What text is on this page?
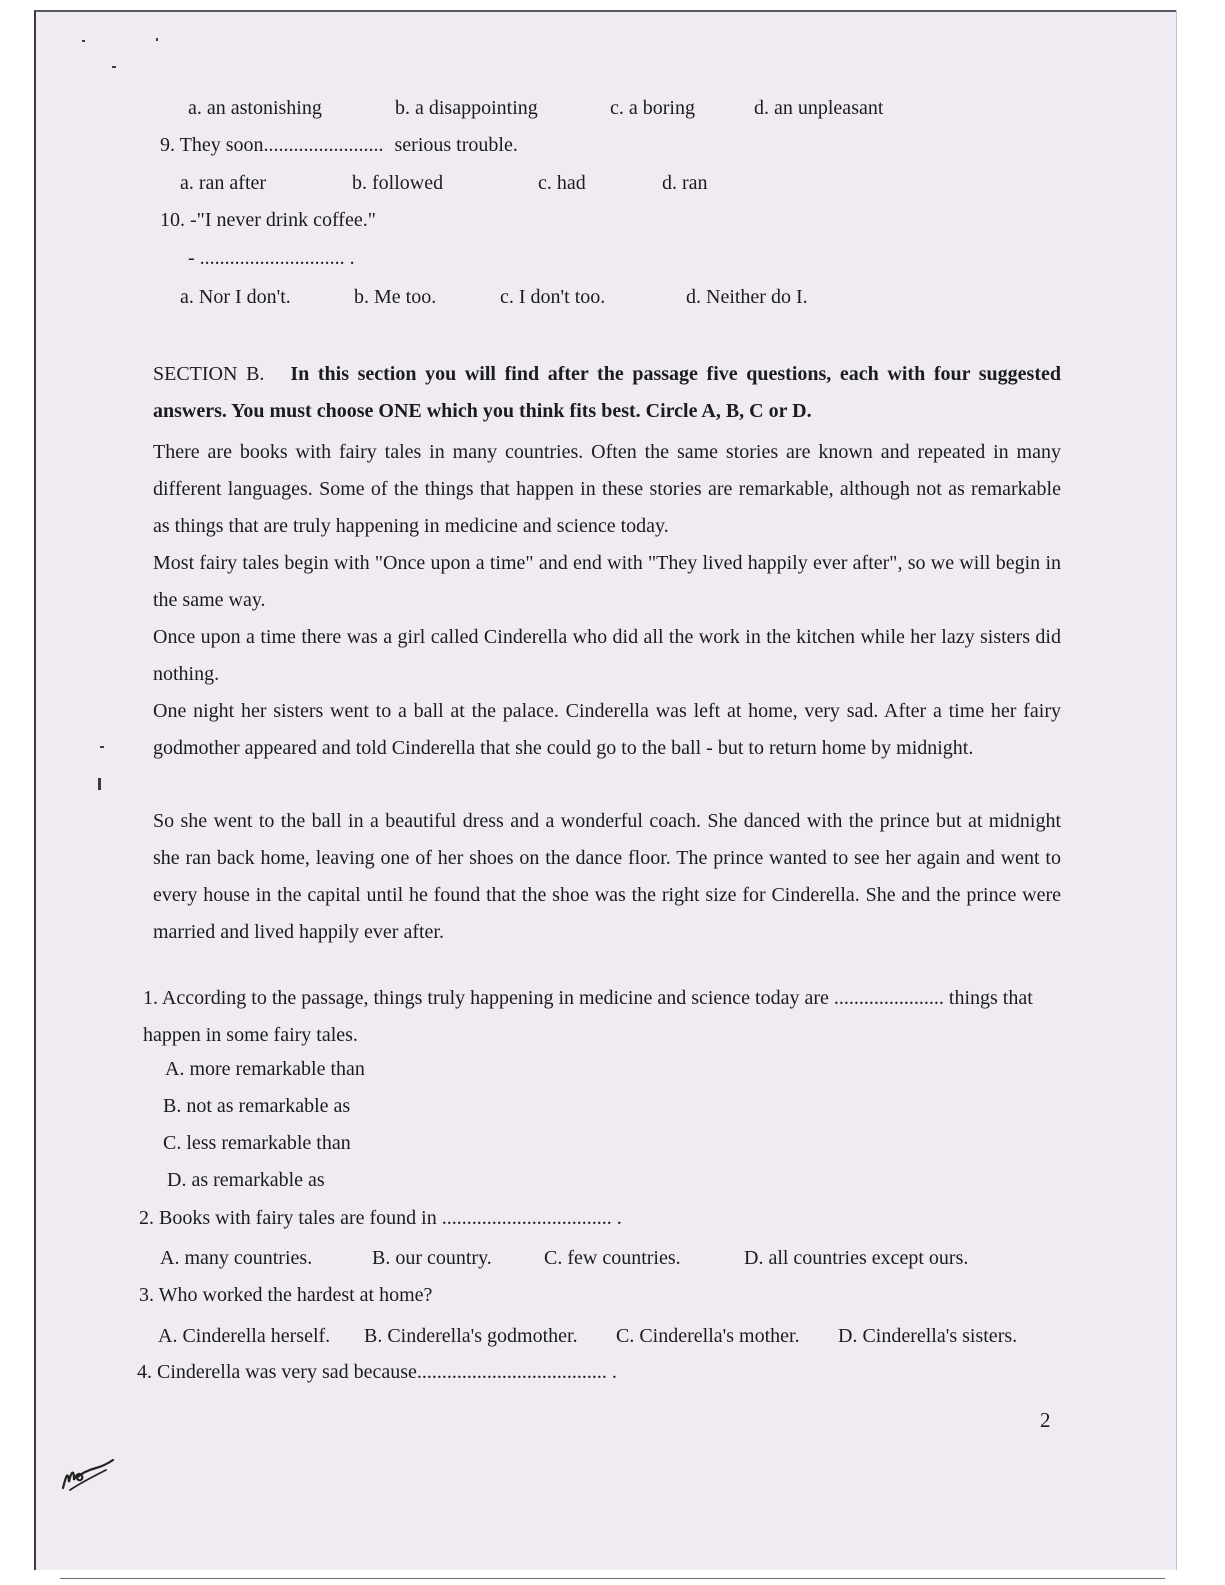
a. an astonishing	b. a disappointing	c. a boring	d. an unpleasant
9. They soon........................ serious trouble.
a. ran after	b. followed	c. had	d. ran
10. -"I never drink coffee."
- ............................. .
a. Nor I don't.	b. Me too.	c. I don't too.	d. Neither do I.
SECTION B. In this section you will find after the passage five questions, each with four suggested answers. You must choose ONE which you think fits best. Circle A, B, C or D.
There are books with fairy tales in many countries. Often the same stories are known and repeated in many different languages. Some of the things that happen in these stories are remarkable, although not as remarkable as things that are truly happening in medicine and science today.
Most fairy tales begin with "Once upon a time" and end with "They lived happily ever after", so we will begin in the same way.
Once upon a time there was a girl called Cinderella who did all the work in the kitchen while her lazy sisters did nothing.
One night her sisters went to a ball at the palace. Cinderella was left at home, very sad. After a time her fairy godmother appeared and told Cinderella that she could go to the ball - but to return home by midnight.
So she went to the ball in a beautiful dress and a wonderful coach. She danced with the prince but at midnight she ran back home, leaving one of her shoes on the dance floor. The prince wanted to see her again and went to every house in the capital until he found that the shoe was the right size for Cinderella. She and the prince were married and lived happily ever after.
1. According to the passage, things truly happening in medicine and science today are ...................... things that happen in some fairy tales.
A. more remarkable than
B. not as remarkable as
C. less remarkable than
D. as remarkable as
2. Books with fairy tales are found in .................................. .
A. many countries.	B. our country.	C. few countries.	D. all countries except ours.
3. Who worked the hardest at home?
A. Cinderella herself. B. Cinderella's godmother. C. Cinderella's mother. D. Cinderella's sisters.
4. Cinderella was very sad because...................................... .
2
